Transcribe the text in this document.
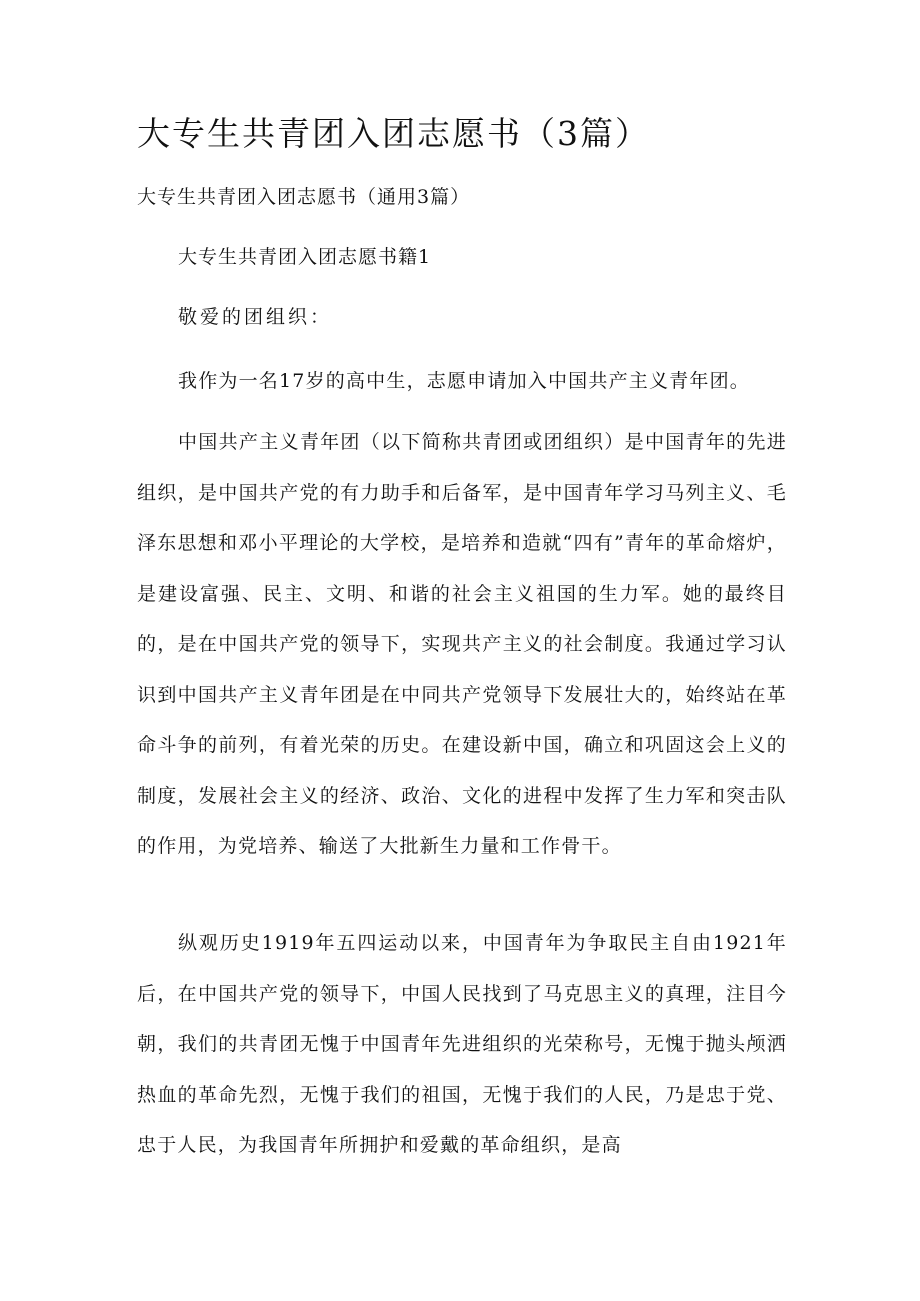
大专生共青团入团志愿书（3篇）

大专生共青团入团志愿书（通用3篇）

大专生共青团入团志愿书籍1

敬爱的团组织：

我作为一名17岁的高中生，志愿申请加入中国共产主义青年团。

中国共产主义青年团（以下简称共青团或团组织）是中国青年的先进组织，是中国共产党的有力助手和后备军，是中国青年学习马列主义、毛泽东思想和邓小平理论的大学校，是培养和造就“四有”青年的革命熔炉，是建设富强、民主、文明、和谐的社会主义祖国的生力军。她的最终目的，是在中国共产党的领导下，实现共产主义的社会制度。我通过学习认识到中国共产主义青年团是在中同共产党领导下发展壮大的，始终站在革命斗争的前列，有着光荣的历史。在建设新中国，确立和巩固这会上义的制度，发展社会主义的经济、政治、文化的进程中发挥了生力军和突击队的作用，为党培养、输送了大批新生力量和工作骨干。

纵观历史1919年五四运动以来，中国青年为争取民主自由1921年后，在中国共产党的领导下，中国人民找到了马克思主义的真理，注目今朝，我们的共青团无愧于中国青年先进组织的光荣称号，无愧于抛头颅洒热血的革命先烈，无愧于我们的祖国，无愧于我们的人民，乃是忠于党、忠于人民，为我国青年所拥护和爱戴的革命组织，是高
